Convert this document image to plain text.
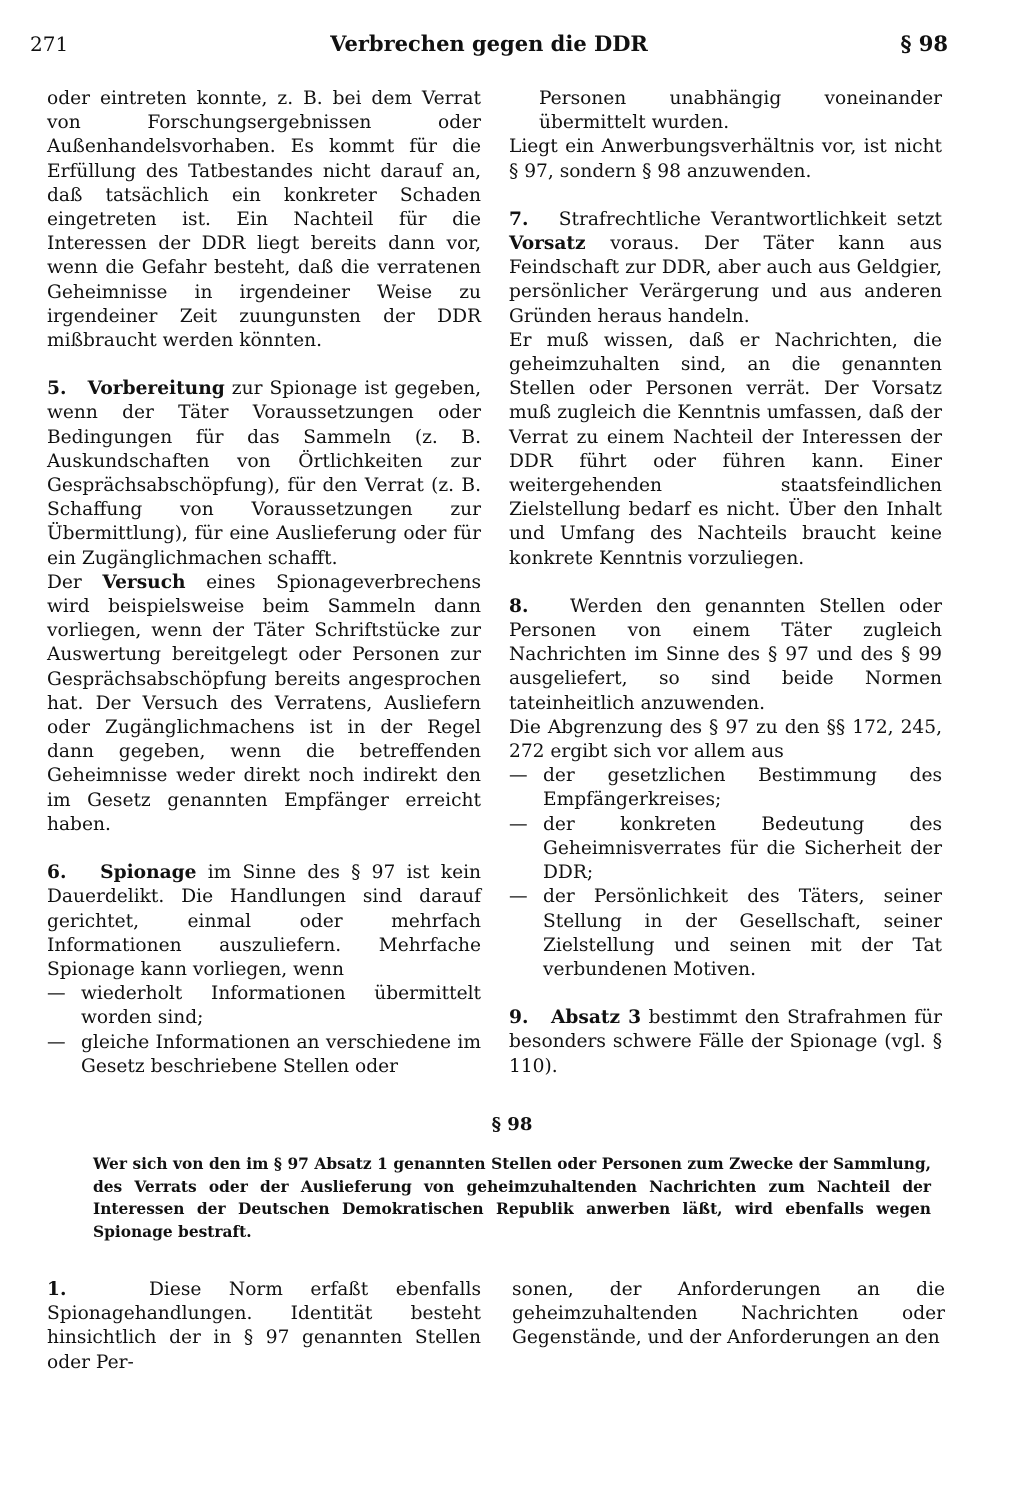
271	Verbrechen gegen die DDR	§ 98

oder eintreten konnte, z. B. bei dem Verrat von Forschungsergebnissen oder Außenhandelsvorhaben. Es kommt für die Erfüllung des Tatbestandes nicht darauf an, daß tatsächlich ein konkreter Schaden eingetreten ist. Ein Nachteil für die Interessen der DDR liegt bereits dann vor, wenn die Gefahr besteht, daß die verratenen Geheimnisse in irgendeiner Weise zu irgendeiner Zeit zuungunsten der DDR mißbraucht werden könnten.

5. Vorbereitung zur Spionage ist gegeben, wenn der Täter Voraussetzungen oder Bedingungen für das Sammeln (z. B. Auskundschaften von Örtlichkeiten zur Gesprächsabschöpfung), für den Verrat (z. B. Schaffung von Voraussetzungen zur Übermittlung), für eine Auslieferung oder für ein Zugänglichmachen schafft.

Der Versuch eines Spionageverbrechens wird beispielsweise beim Sammeln dann vorliegen, wenn der Täter Schriftstücke zur Auswertung bereitgelegt oder Personen zur Gesprächsabschöpfung bereits angesprochen hat. Der Versuch des Verratens, Ausliefern oder Zugänglichmachens ist in der Regel dann gegeben, wenn die betreffenden Geheimnisse weder direkt noch indirekt den im Gesetz genannten Empfänger erreicht haben.

6. Spionage im Sinne des § 97 ist kein Dauerdelikt. Die Handlungen sind darauf gerichtet, einmal oder mehrfach Informationen auszuliefern. Mehrfache Spionage kann vorliegen, wenn

— wiederholt Informationen übermittelt worden sind;
— gleiche Informationen an verschiedene im Gesetz beschriebene Stellen oder

Personen unabhängig voneinander übermittelt wurden.

Liegt ein Anwerbungsverhältnis vor, ist nicht § 97, sondern § 98 anzuwenden.

7. Strafrechtliche Verantwortlichkeit setzt Vorsatz voraus. Der Täter kann aus Feindschaft zur DDR, aber auch aus Geldgier, persönlicher Verärgerung und aus anderen Gründen heraus handeln.

Er muß wissen, daß er Nachrichten, die geheimzuhalten sind, an die genannten Stellen oder Personen verrät. Der Vorsatz muß zugleich die Kenntnis umfassen, daß der Verrat zu einem Nachteil der Interessen der DDR führt oder führen kann. Einer weitergehenden staatsfeindlichen Zielstellung bedarf es nicht. Über den Inhalt und Umfang des Nachteils braucht keine konkrete Kenntnis vorzuliegen.

8. Werden den genannten Stellen oder Personen von einem Täter zugleich Nachrichten im Sinne des § 97 und des § 99 ausgeliefert, so sind beide Normen tateinheitlich anzuwenden.

Die Abgrenzung des § 97 zu den §§ 172, 245, 272 ergibt sich vor allem aus

— der gesetzlichen Bestimmung des Empfängerkreises;
— der konkreten Bedeutung des Geheimnisverrates für die Sicherheit der DDR;
— der Persönlichkeit des Täters, seiner Stellung in der Gesellschaft, seiner Zielstellung und seinen mit der Tat verbundenen Motiven.

9. Absatz 3 bestimmt den Strafrahmen für besonders schwere Fälle der Spionage (vgl. § 110).

§ 98
Wer sich von den im § 97 Absatz 1 genannten Stellen oder Personen zum Zwecke der Sammlung, des Verrats oder der Auslieferung von geheimzuhaltenden Nachrichten zum Nachteil der Interessen der Deutschen Demokratischen Republik anwerben läßt, wird ebenfalls wegen Spionage bestraft.

1.	Diese Norm erfaßt ebenfalls Spionagehandlungen. Identität besteht hinsichtlich der in § 97 genannten Stellen oder Per-

sonen, der Anforderungen an die geheimzuhaltenden Nachrichten oder Gegenstände, und der Anforderungen an den
